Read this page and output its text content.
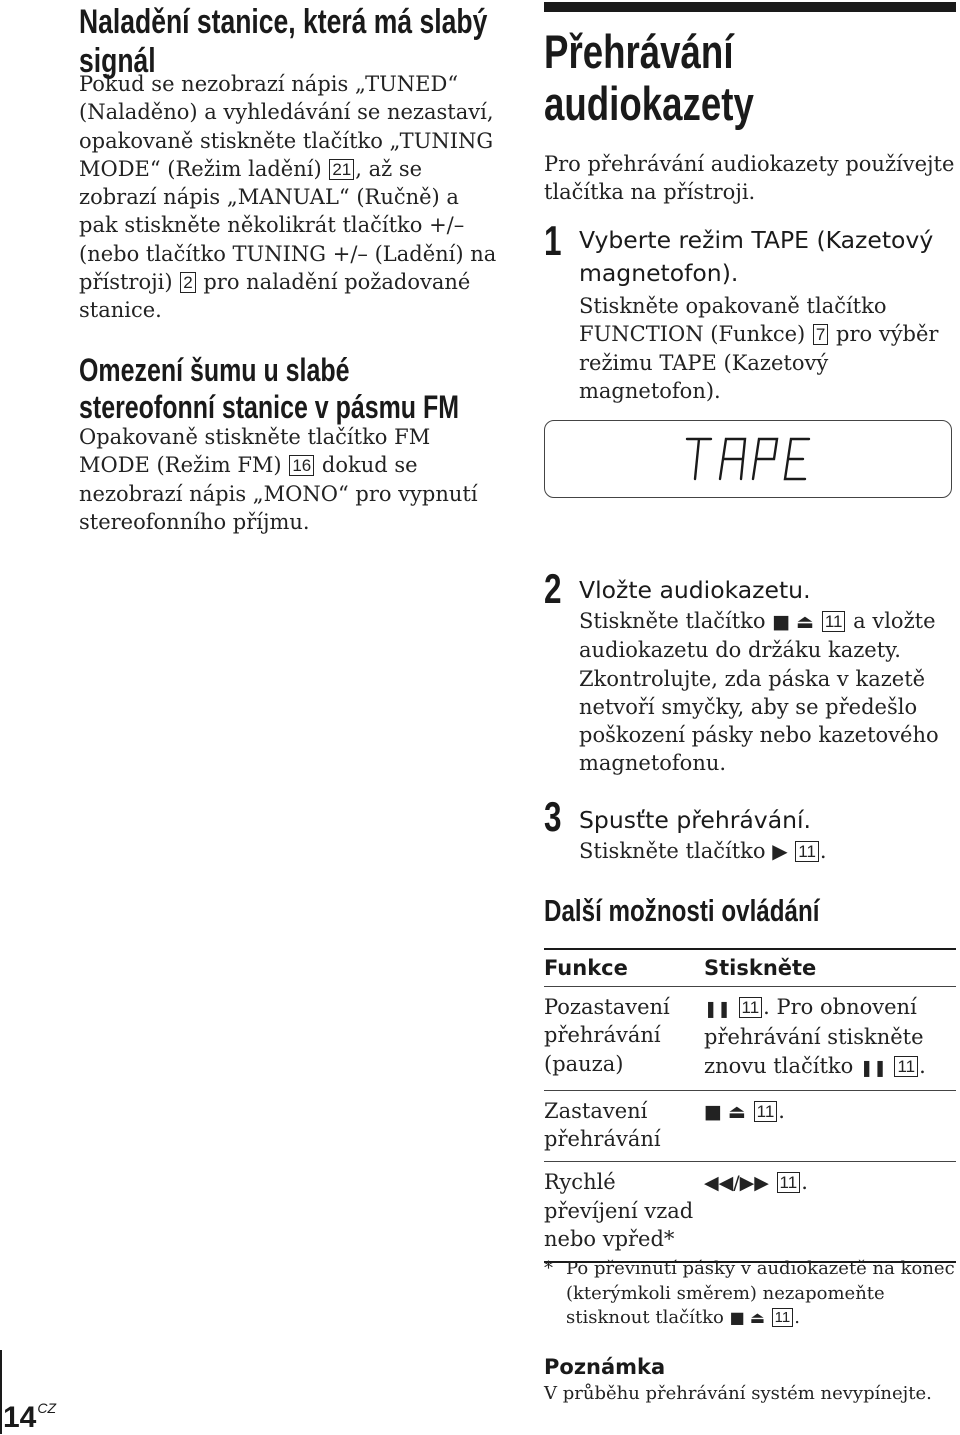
Naladění stanice, která má slabý signál

Pokud se nezobrazí nápis „TUNED“ (Naladěno) a vyhledávání se nezastaví, opakovaně stiskněte tlačítko „TUNING MODE“ (Režim ladění) 21 , až se zobrazí nápis „MANUAL“ (Ručně) a pak stiskněte několikrát tlačítko +/– (nebo tlačítko TUNING +/– (Ladění) na přístroji) 2 pro naladění požadované stanice.

Omezení šumu u slabé stereofonní stanice v pásmu FM

Opakovaně stiskněte tlačítko FM MODE (Režim FM) 16 dokud se nezobrazí nápis „MONO“ pro vypnutí stereofonního příjmu.

Přehrávání audiokazety

Pro přehrávání audiokazety používejte tlačítka na přístroji.

1 Vyberte režim TAPE (Kazetový magnetofon).

Stiskněte opakovaně tlačítko FUNCTION (Funkce) 7 pro výběr režimu TAPE (Kazetový magnetofon).

2 Vložte audiokazetu.

Stiskněte tlačítko ■ ⏏ 11 a vložte audiokazetu do držáku kazety. Zkontrolujte, zda páska v kazetě netvoří smyčky, aby se předešlo poškození pásky nebo kazetového magnetofonu.

3 Spusťte přehrávání.

Stiskněte tlačítko ▶ 11 .

Další možnosti ovládání
Funkce	Stiskněte
Pozastavení přehrávání (pauza)	❚❚ 11 . Pro obnovení přehrávání stiskněte znovu tlačítko ❚❚ 11 .
Zastavení přehrávání	■ ⏏ 11 .
Rychlé převíjení vzad nebo vpřed*	◀◀/▶▶ 11 .
* Po převinutí pásky v audiokazetě na konec (kterýmkoli směrem) nezapomeňte stisknout tlačítko ■ ⏏ 11 .

Poznámka

V průběhu přehrávání systém nevypínejte.

$14^{CZ}$
